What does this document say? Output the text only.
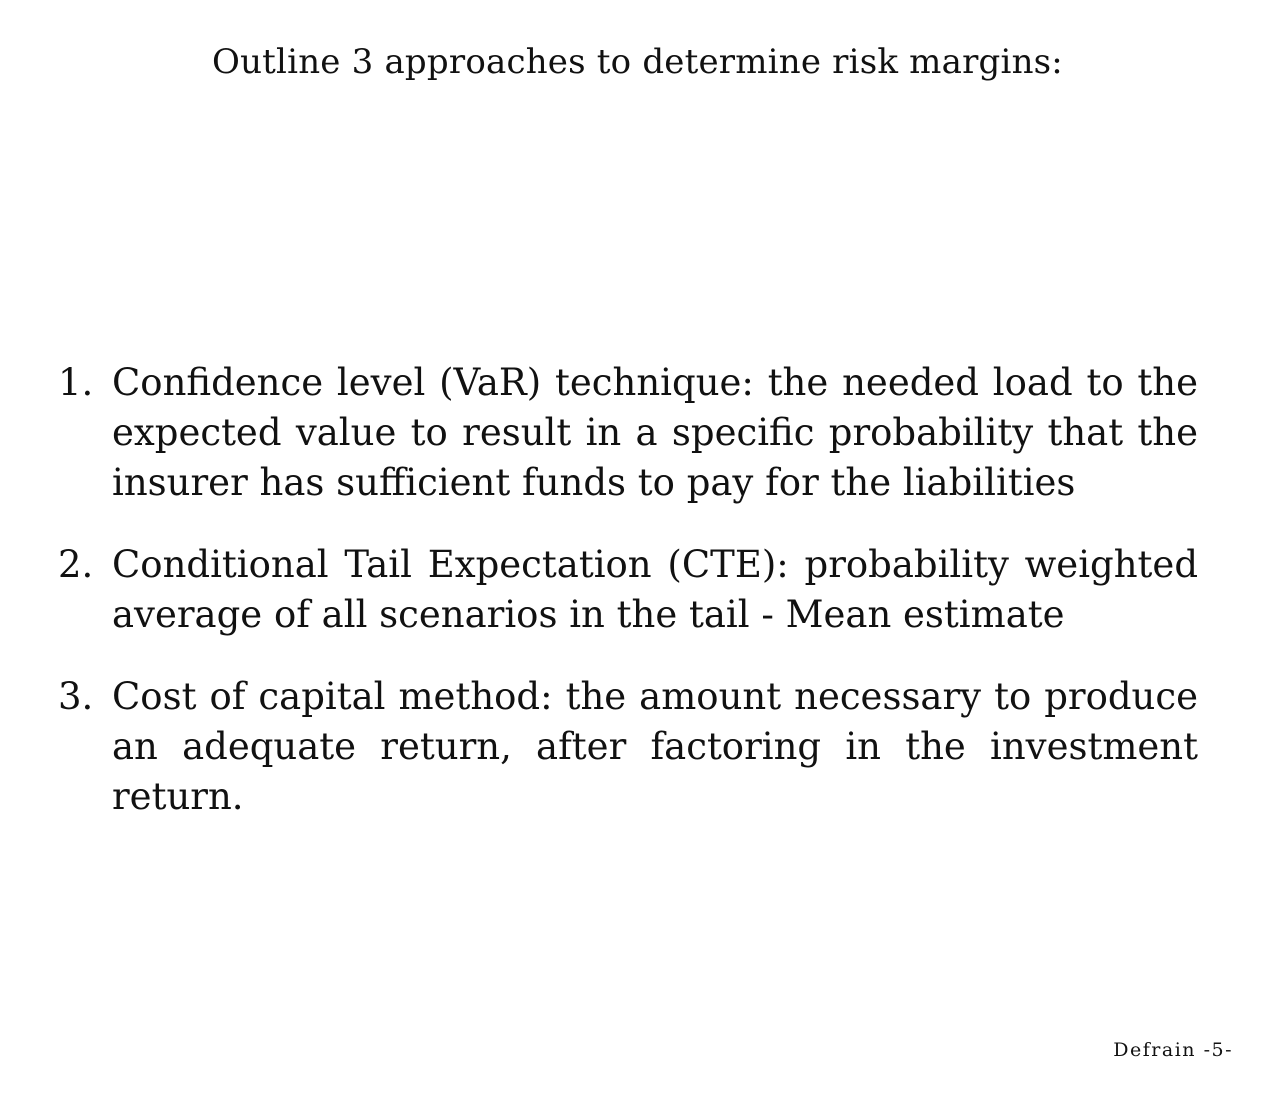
Outline 3 approaches to determine risk margins:
1. Confidence level (VaR) technique: the needed load to the expected value to result in a specific probability that the insurer has sufficient funds to pay for the liabilities
2. Conditional Tail Expectation (CTE): probability weighted average of all scenarios in the tail - Mean estimate
3. Cost of capital method: the amount necessary to produce an adequate return, after factoring in the investment return.
Defrain -5-
